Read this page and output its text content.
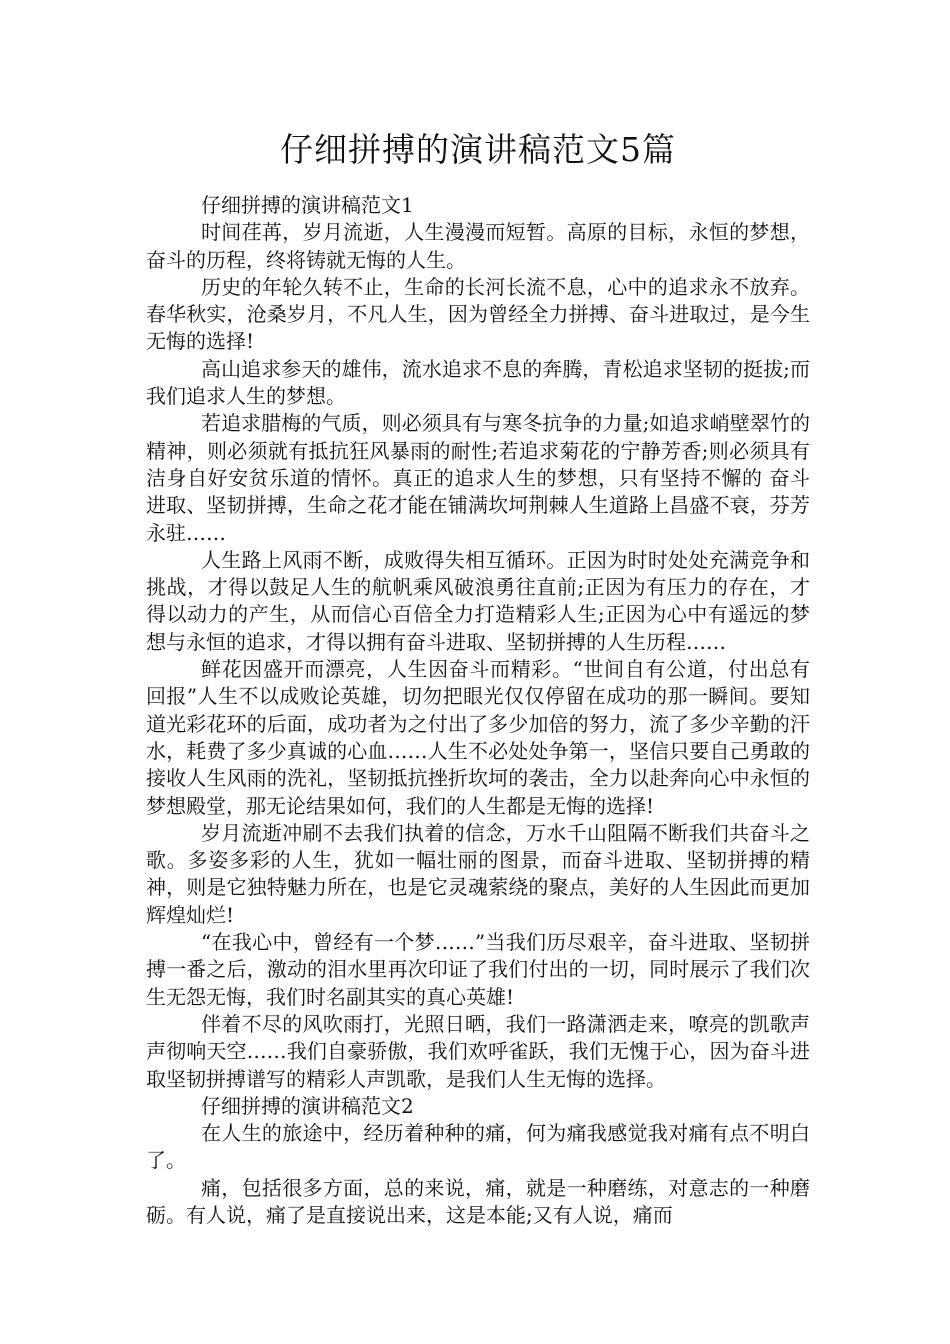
仔细拼搏的演讲稿范文5篇

仔细拼搏的演讲稿范文1

时间荏苒，岁月流逝，人生漫漫而短暂。高原的目标，永恒的梦想，奋斗的历程，终将铸就无悔的人生。

历史的年轮久转不止，生命的长河长流不息，心中的追求永不放弃。春华秋实，沧桑岁月，不凡人生，因为曾经全力拼搏、奋斗进取过，是今生无悔的选择!

高山追求参天的雄伟，流水追求不息的奔腾，青松追求坚韧的挺拔;而我们追求人生的梦想。

若追求腊梅的气质，则必须具有与寒冬抗争的力量;如追求峭壁翠竹的精神，则必须就有抵抗狂风暴雨的耐性;若追求菊花的宁静芳香;则必须具有洁身自好安贫乐道的情怀。真正的追求人生的梦想，只有坚持不懈的 奋斗进取、坚韧拼搏，生命之花才能在铺满坎坷荆棘人生道路上昌盛不衰，芬芳永驻……

人生路上风雨不断，成败得失相互循环。正因为时时处处充满竞争和挑战，才得以鼓足人生的航帆乘风破浪勇往直前;正因为有压力的存在，才得以动力的产生，从而信心百倍全力打造精彩人生;正因为心中有遥远的梦想与永恒的追求，才得以拥有奋斗进取、坚韧拼搏的人生历程……

鲜花因盛开而漂亮，人生因奋斗而精彩。“世间自有公道，付出总有回报”人生不以成败论英雄，切勿把眼光仅仅停留在成功的那一瞬间。要知道光彩花环的后面，成功者为之付出了多少加倍的努力，流了多少辛勤的汗水，耗费了多少真诚的心血……人生不必处处争第一，坚信只要自己勇敢的接收人生风雨的洗礼，坚韧抵抗挫折坎坷的袭击，全力以赴奔向心中永恒的梦想殿堂，那无论结果如何，我们的人生都是无悔的选择!

岁月流逝冲刷不去我们执着的信念，万水千山阻隔不断我们共奋斗之歌。多姿多彩的人生，犹如一幅壮丽的图景，而奋斗进取、坚韧拼搏的精神，则是它独特魅力所在，也是它灵魂萦绕的聚点，美好的人生因此而更加辉煌灿烂!

“在我心中，曾经有一个梦……”当我们历尽艰辛，奋斗进取、坚韧拼搏一番之后，激动的泪水里再次印证了我们付出的一切，同时展示了我们次生无怨无悔，我们时名副其实的真心英雄!

伴着不尽的风吹雨打，光照日晒，我们一路潇洒走来，嘹亮的凯歌声声彻响天空……我们自豪骄傲，我们欢呼雀跃，我们无愧于心，因为奋斗进取坚韧拼搏谱写的精彩人声凯歌，是我们人生无悔的选择。

仔细拼搏的演讲稿范文2

在人生的旅途中，经历着种种的痛，何为痛我感觉我对痛有点不明白了。

痛，包括很多方面，总的来说，痛，就是一种磨练，对意志的一种磨砺。有人说，痛了是直接说出来，这是本能;又有人说，痛而
